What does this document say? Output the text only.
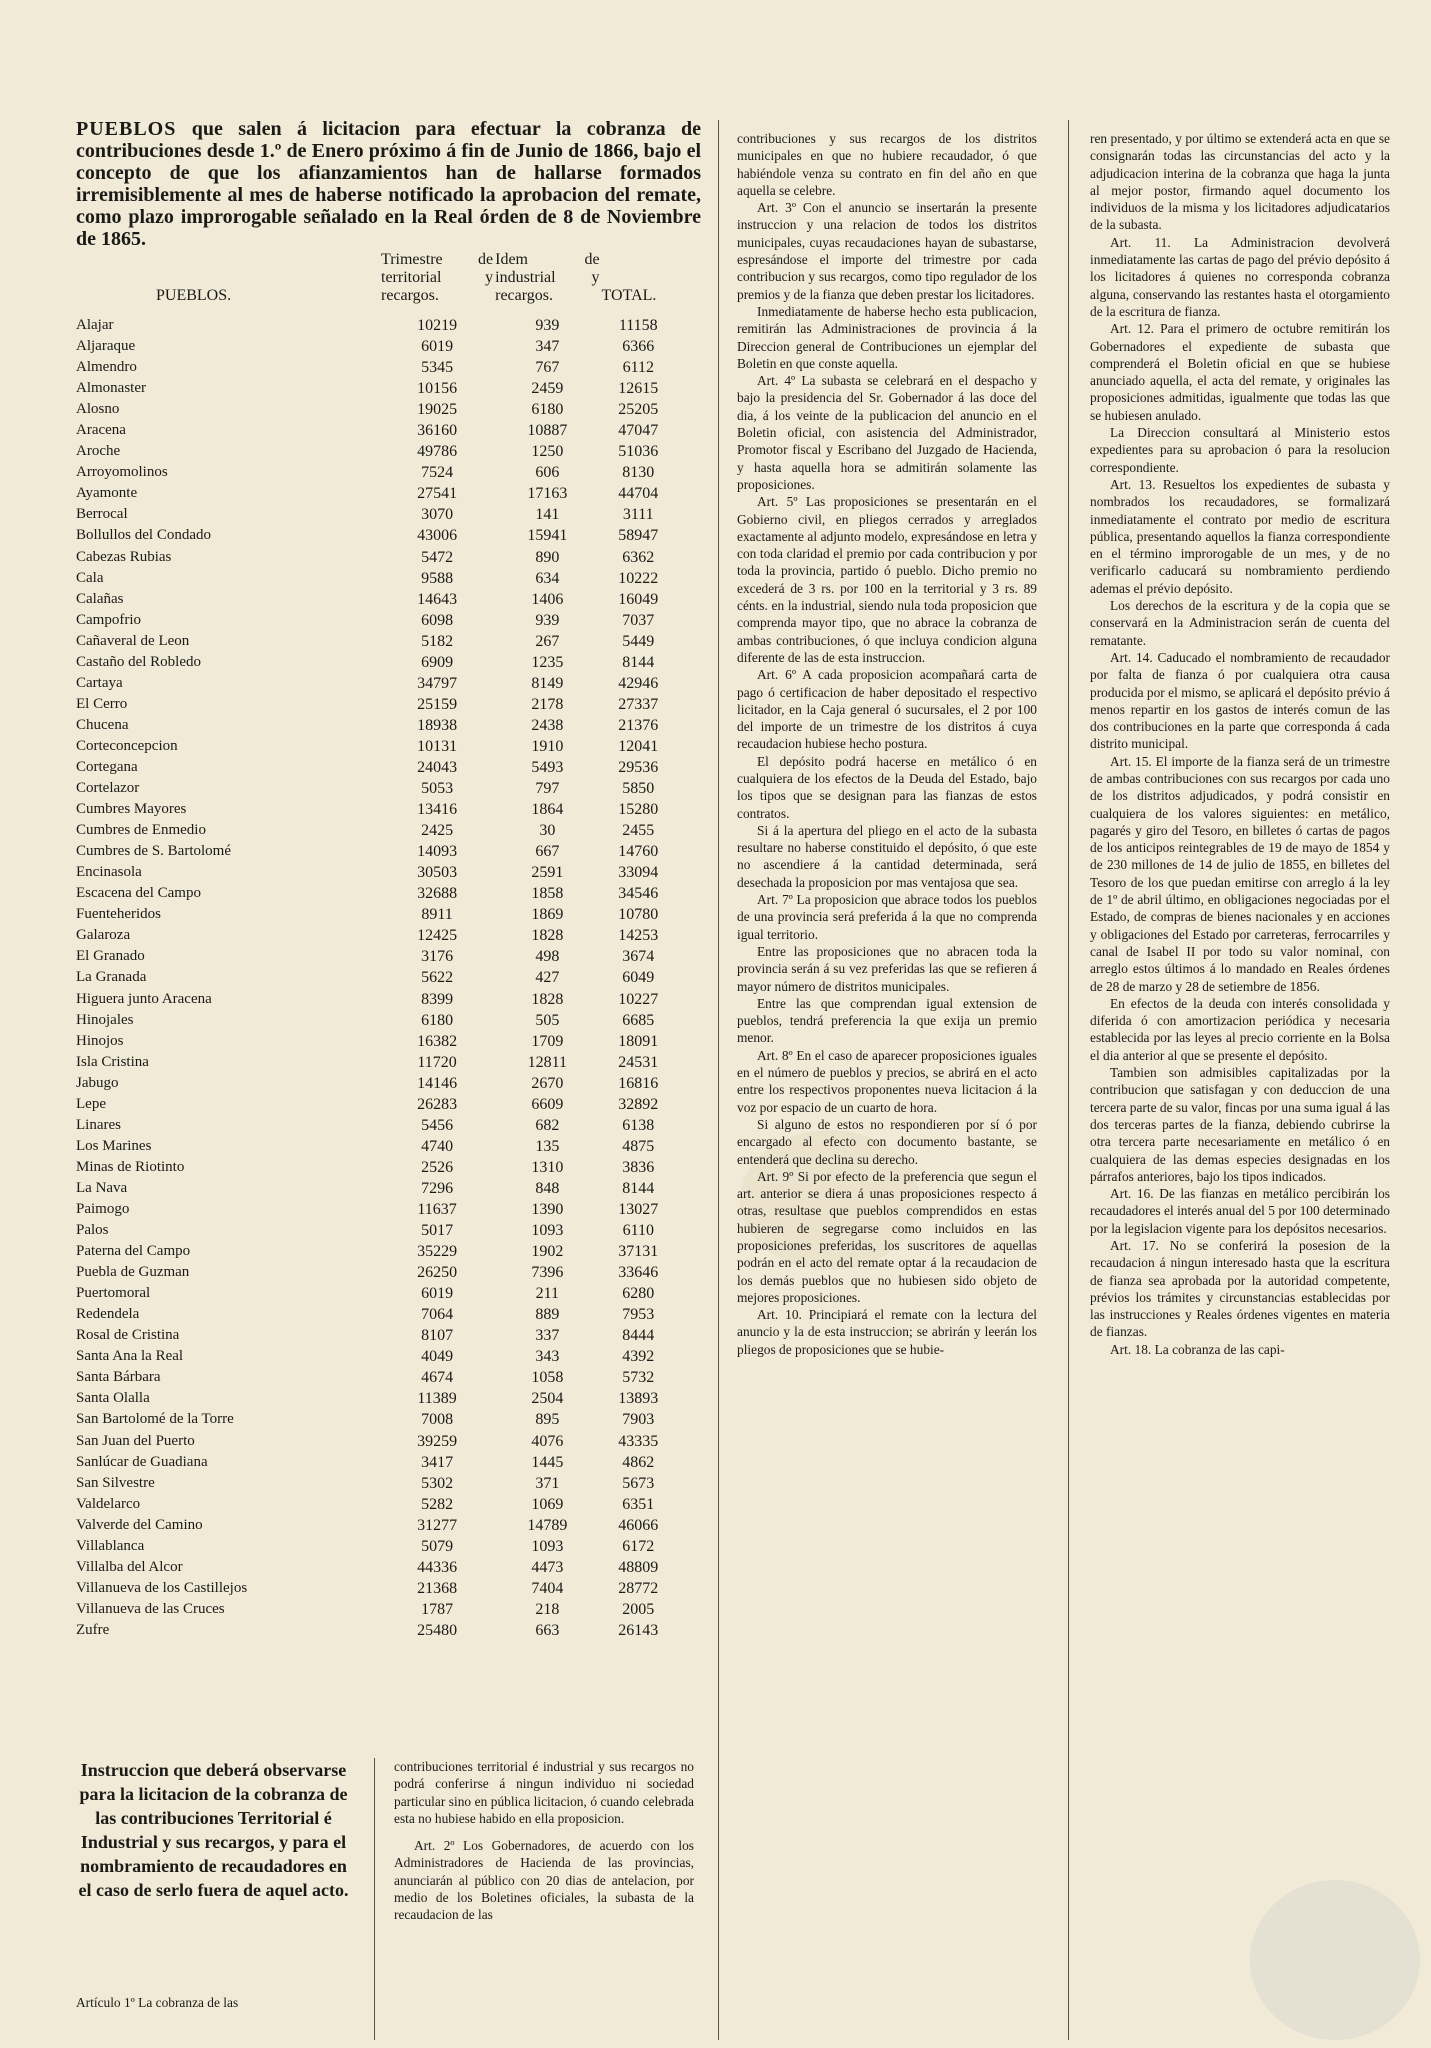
PUEBLOS que salen á licitacion para efectuar la cobranza de contribuciones desde 1.º de Enero próximo á fin de Junio de 1866, bajo el concepto de que los afianzamientos han de hallarse formados irremisiblemente al mes de haberse notificado la aprobacion del remate, como plazo improrogable señalado en la Real órden de 8 de Noviembre de 1865.

PUEBLOS.	Trimestre de territorial y recargos.	Idem de industrial y recargos.	TOTAL.
Alajar	10219	939	11158
Aljaraque	6019	347	6366
Almendro	5345	767	6112
Almonaster	10156	2459	12615
Alosno	19025	6180	25205
Aracena	36160	10887	47047
Aroche	49786	1250	51036
Arroyomolinos	7524	606	8130
Ayamonte	27541	17163	44704
Berrocal	3070	141	3111
Bollullos del Condado	43006	15941	58947
Cabezas Rubias	5472	890	6362
Cala	9588	634	10222
Calañas	14643	1406	16049
Campofrio	6098	939	7037
Cañaveral de Leon	5182	267	5449
Castaño del Robledo	6909	1235	8144
Cartaya	34797	8149	42946
El Cerro	25159	2178	27337
Chucena	18938	2438	21376
Corteconcepcion	10131	1910	12041
Cortegana	24043	5493	29536
Cortelazor	5053	797	5850
Cumbres Mayores	13416	1864	15280
Cumbres de Enmedio	2425	30	2455
Cumbres de S. Bartolomé	14093	667	14760
Encinasola	30503	2591	33094
Escacena del Campo	32688	1858	34546
Fuenteheridos	8911	1869	10780
Galaroza	12425	1828	14253
El Granado	3176	498	3674
La Granada	5622	427	6049
Higuera junto Aracena	8399	1828	10227
Hinojales	6180	505	6685
Hinojos	16382	1709	18091
Isla Cristina	11720	12811	24531
Jabugo	14146	2670	16816
Lepe	26283	6609	32892
Linares	5456	682	6138
Los Marines	4740	135	4875
Minas de Riotinto	2526	1310	3836
La Nava	7296	848	8144
Paimogo	11637	1390	13027
Palos	5017	1093	6110
Paterna del Campo	35229	1902	37131
Puebla de Guzman	26250	7396	33646
Puertomoral	6019	211	6280
Redendela	7064	889	7953
Rosal de Cristina	8107	337	8444
Santa Ana la Real	4049	343	4392
Santa Bárbara	4674	1058	5732
Santa Olalla	11389	2504	13893
San Bartolomé de la Torre	7008	895	7903
San Juan del Puerto	39259	4076	43335
Sanlúcar de Guadiana	3417	1445	4862
San Silvestre	5302	371	5673
Valdelarco	5282	1069	6351
Valverde del Camino	31277	14789	46066
Villablanca	5079	1093	6172
Villalba del Alcor	44336	4473	48809
Villanueva de los Castillejos	21368	7404	28772
Villanueva de las Cruces	1787	218	2005
Zufre	25480	663	26143
Instruccion que deberá observarse para la licitacion de la cobranza de las contribuciones Territorial é Industrial y sus recargos, y para el nombramiento de recaudadores en el caso de serlo fuera de aquel acto.
Artículo 1º La cobranza de las

contribuciones territorial é industrial y sus recargos no podrá conferirse á ningun individuo ni sociedad particular sino en pública licitacion, ó cuando celebrada esta no hubiese habido en ella proposicion.

Art. 2º Los Gobernadores, de acuerdo con los Administradores de Hacienda de las provincias, anunciarán al público con 20 dias de antelacion, por medio de los Boletines oficiales, la subasta de la recaudacion de las

contribuciones y sus recargos de los distritos municipales en que no hubiere recaudador, ó que habiéndole venza su contrato en fin del año en que aquella se celebre.

Art. 3º Con el anuncio se insertarán la presente instruccion y una relacion de todos los distritos municipales, cuyas recaudaciones hayan de subastarse, espresándose el importe del trimestre por cada contribucion y sus recargos, como tipo regulador de los premios y de la fianza que deben prestar los licitadores.

Inmediatamente de haberse hecho esta publicacion, remitirán las Administraciones de provincia á la Direccion general de Contribuciones un ejemplar del Boletin en que conste aquella.

Art. 4º La subasta se celebrará en el despacho y bajo la presidencia del Sr. Gobernador á las doce del dia, á los veinte de la publicacion del anuncio en el Boletin oficial, con asistencia del Administrador, Promotor fiscal y Escribano del Juzgado de Hacienda, y hasta aquella hora se admitirán solamente las proposiciones.

Art. 5º Las proposiciones se presentarán en el Gobierno civil, en pliegos cerrados y arreglados exactamente al adjunto modelo, expresándose en letra y con toda claridad el premio por cada contribucion y por toda la provincia, partido ó pueblo. Dicho premio no excederá de 3 rs. por 100 en la territorial y 3 rs. 89 cénts. en la industrial, siendo nula toda proposicion que comprenda mayor tipo, que no abrace la cobranza de ambas contribuciones, ó que incluya condicion alguna diferente de las de esta instruccion.

Art. 6º A cada proposicion acompañará carta de pago ó certificacion de haber depositado el respectivo licitador, en la Caja general ó sucursales, el 2 por 100 del importe de un trimestre de los distritos á cuya recaudacion hubiese hecho postura.

El depósito podrá hacerse en metálico ó en cualquiera de los efectos de la Deuda del Estado, bajo los tipos que se designan para las fianzas de estos contratos.

Si á la apertura del pliego en el acto de la subasta resultare no haberse constituido el depósito, ó que este no ascendiere á la cantidad determinada, será desechada la proposicion por mas ventajosa que sea.

Art. 7º La proposicion que abrace todos los pueblos de una provincia será preferida á la que no comprenda igual territorio.

Entre las proposiciones que no abracen toda la provincia serán á su vez preferidas las que se refieren á mayor número de distritos municipales.

Entre las que comprendan igual extension de pueblos, tendrá preferencia la que exija un premio menor.

Art. 8º En el caso de aparecer proposiciones iguales en el número de pueblos y precios, se abrirá en el acto entre los respectivos proponentes nueva licitacion á la voz por espacio de un cuarto de hora.

Si alguno de estos no respondieren por sí ó por encargado al efecto con documento bastante, se entenderá que declina su derecho.

Art. 9º Si por efecto de la preferencia que segun el art. anterior se diera á unas proposiciones respecto á otras, resultase que pueblos comprendidos en estas hubieren de segregarse como incluidos en las proposiciones preferidas, los suscritores de aquellas podrán en el acto del remate optar á la recaudacion de los demás pueblos que no hubiesen sido objeto de mejores proposiciones.

Art. 10. Principiará el remate con la lectura del anuncio y la de esta instruccion; se abrirán y leerán los pliegos de proposiciones que se hubie-

ren presentado, y por último se extenderá acta en que se consignarán todas las circunstancias del acto y la adjudicacion interina de la cobranza que haga la junta al mejor postor, firmando aquel documento los individuos de la misma y los licitadores adjudicatarios de la subasta.

Art. 11. La Administracion devolverá inmediatamente las cartas de pago del prévio depósito á los licitadores á quienes no corresponda cobranza alguna, conservando las restantes hasta el otorgamiento de la escritura de fianza.

Art. 12. Para el primero de octubre remitirán los Gobernadores el expediente de subasta que comprenderá el Boletin oficial en que se hubiese anunciado aquella, el acta del remate, y originales las proposiciones admitidas, igualmente que todas las que se hubiesen anulado.

La Direccion consultará al Ministerio estos expedientes para su aprobacion ó para la resolucion correspondiente.

Art. 13. Resueltos los expedientes de subasta y nombrados los recaudadores, se formalizará inmediatamente el contrato por medio de escritura pública, presentando aquellos la fianza correspondiente en el término improrogable de un mes, y de no verificarlo caducará su nombramiento perdiendo ademas el prévio depósito.

Los derechos de la escritura y de la copia que se conservará en la Administracion serán de cuenta del rematante.

Art. 14. Caducado el nombramiento de recaudador por falta de fianza ó por cualquiera otra causa producida por el mismo, se aplicará el depósito prévio á menos repartir en los gastos de interés comun de las dos contribuciones en la parte que corresponda á cada distrito municipal.

Art. 15. El importe de la fianza será de un trimestre de ambas contribuciones con sus recargos por cada uno de los distritos adjudicados, y podrá consistir en cualquiera de los valores siguientes: en metálico, pagarés y giro del Tesoro, en billetes ó cartas de pagos de los anticipos reintegrables de 19 de mayo de 1854 y de 230 millones de 14 de julio de 1855, en billetes del Tesoro de los que puedan emitirse con arreglo á la ley de 1º de abril último, en obligaciones negociadas por el Estado, de compras de bienes nacionales y en acciones y obligaciones del Estado por carreteras, ferrocarriles y canal de Isabel II por todo su valor nominal, con arreglo estos últimos á lo mandado en Reales órdenes de 28 de marzo y 28 de setiembre de 1856.

En efectos de la deuda con interés consolidada y diferida ó con amortizacion periódica y necesaria establecida por las leyes al precio corriente en la Bolsa el dia anterior al que se presente el depósito.

Tambien son admisibles capitalizadas por la contribucion que satisfagan y con deduccion de una tercera parte de su valor, fincas por una suma igual á las dos terceras partes de la fianza, debiendo cubrirse la otra tercera parte necesariamente en metálico ó en cualquiera de las demas especies designadas en los párrafos anteriores, bajo los tipos indicados.

Art. 16. De las fianzas en metálico percibirán los recaudadores el interés anual del 5 por 100 determinado por la legislacion vigente para los depósitos necesarios.

Art. 17. No se conferirá la posesion de la recaudacion á ningun interesado hasta que la escritura de fianza sea aprobada por la autoridad competente, prévios los trámites y circunstancias establecidas por las instrucciones y Reales órdenes vigentes en materia de fianzas.

Art. 18. La cobranza de las capi-
